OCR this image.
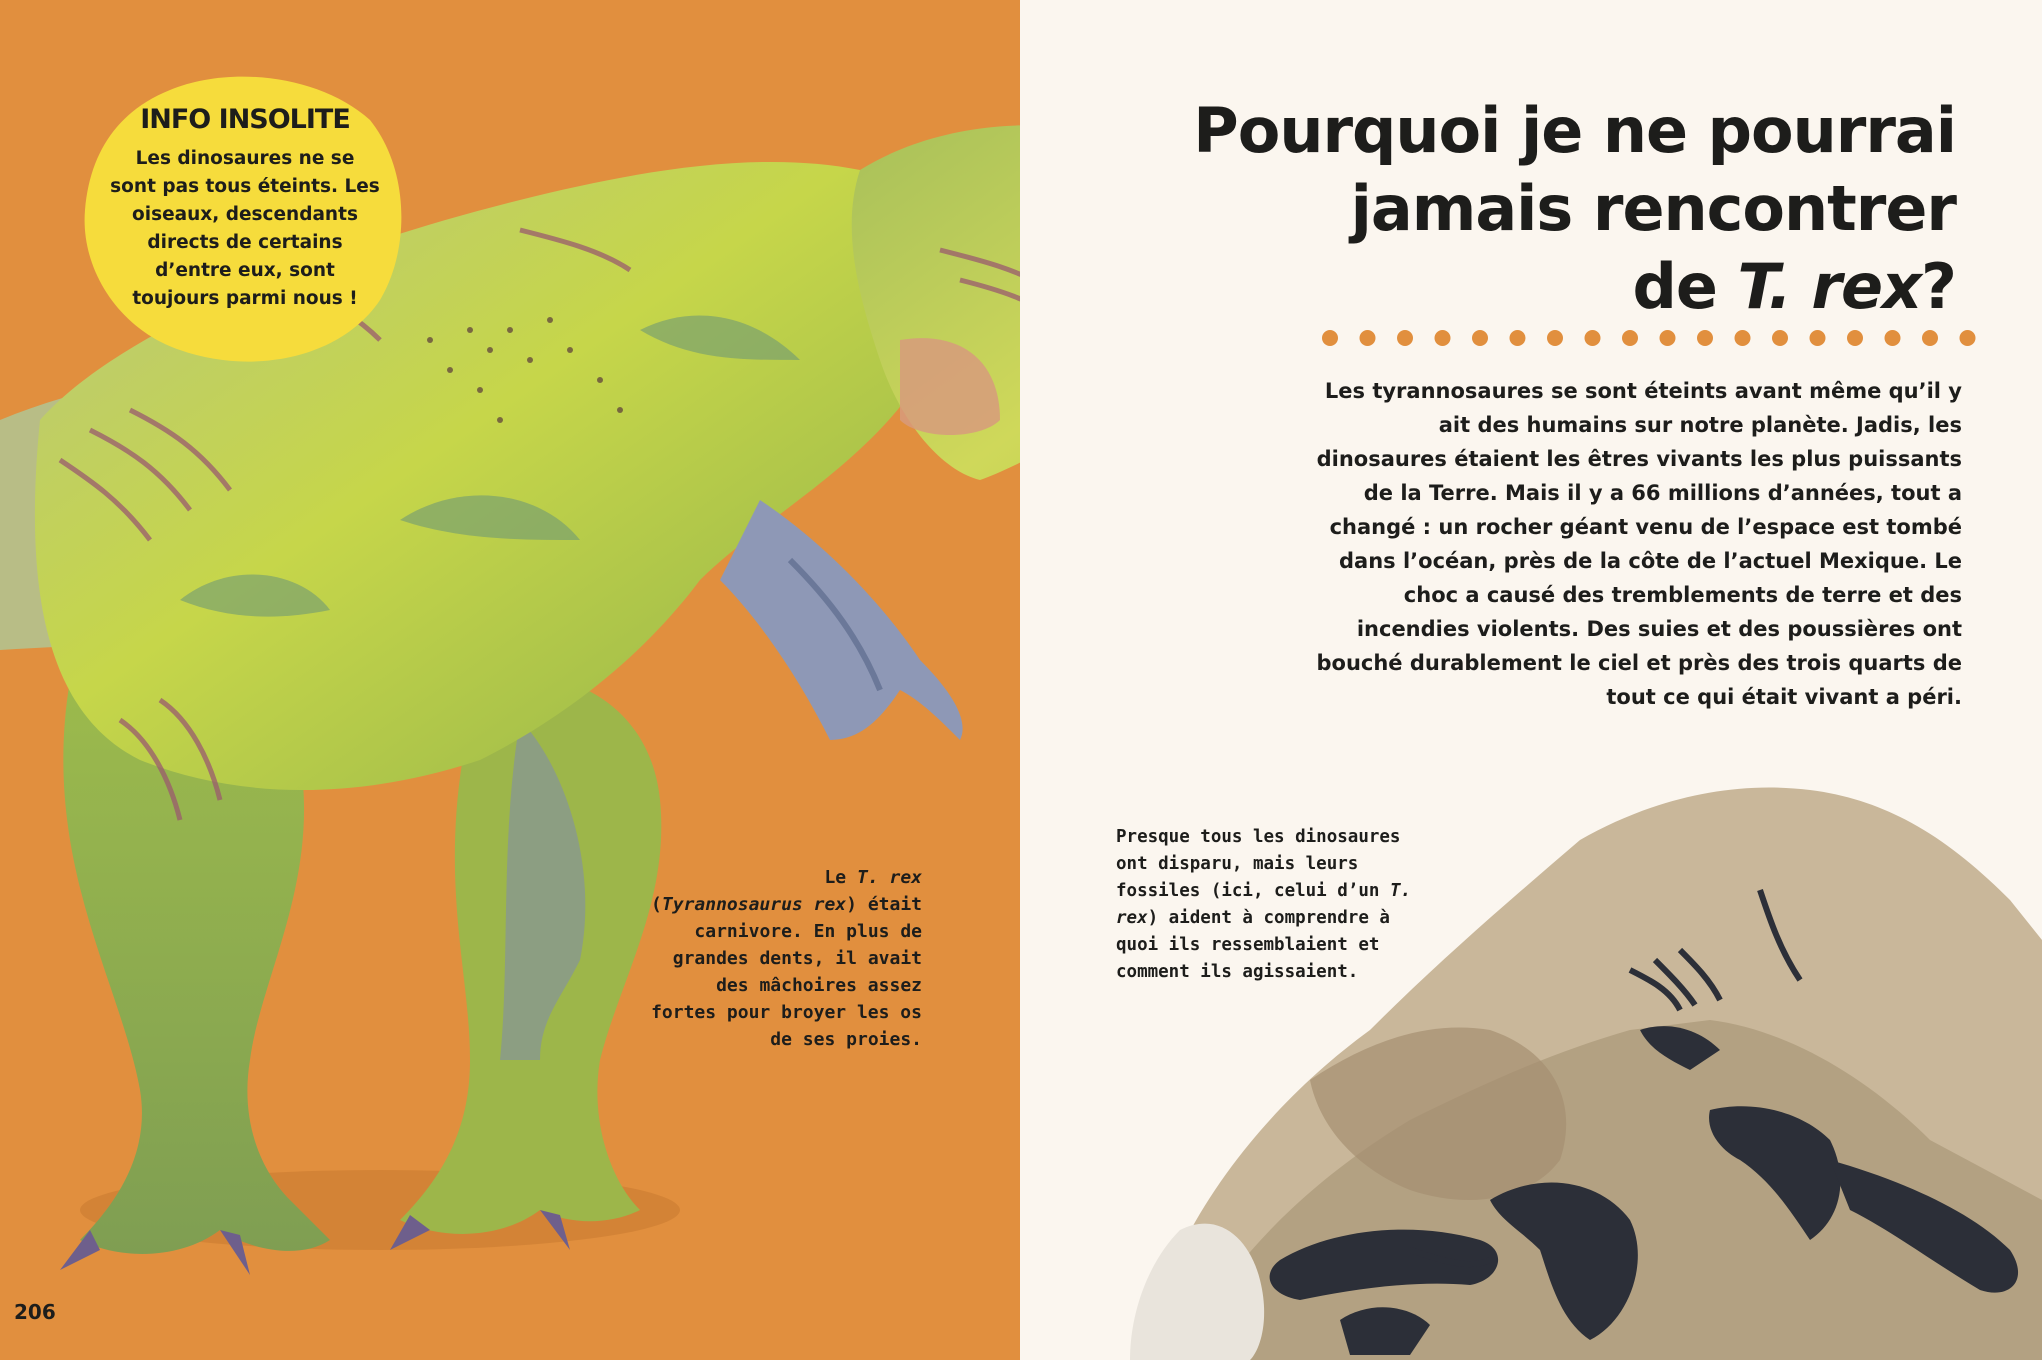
INFO INSOLITE
Les dinosaures ne se sont pas tous éteints. Les oiseaux, descendants directs de certains d’entre eux, sont toujours parmi nous !
Le T. rex
(Tyrannosaurus rex) était carnivore. En plus de grandes dents, il avait des mâchoires assez fortes pour broyer les os de ses proies.
206
Pourquoi je ne pourrai
jamais rencontrer
de T. rex?
Les tyrannosaures se sont éteints avant même qu’il y ait des humains sur notre planète. Jadis, les dinosaures étaient les êtres vivants les plus puissants de la Terre. Mais il y a 66 millions d’années, tout a changé : un rocher géant venu de l’espace est tombé dans l’océan, près de la côte de l’actuel Mexique. Le choc a causé des tremblements de terre et des incendies violents. Des suies et des poussières ont bouché durablement le ciel et près des trois quarts de tout ce qui était vivant a péri.
Presque tous les dinosaures ont disparu, mais leurs fossiles (ici, celui d’un T. rex) aident à comprendre à quoi ils ressemblaient et comment ils agissaient.
